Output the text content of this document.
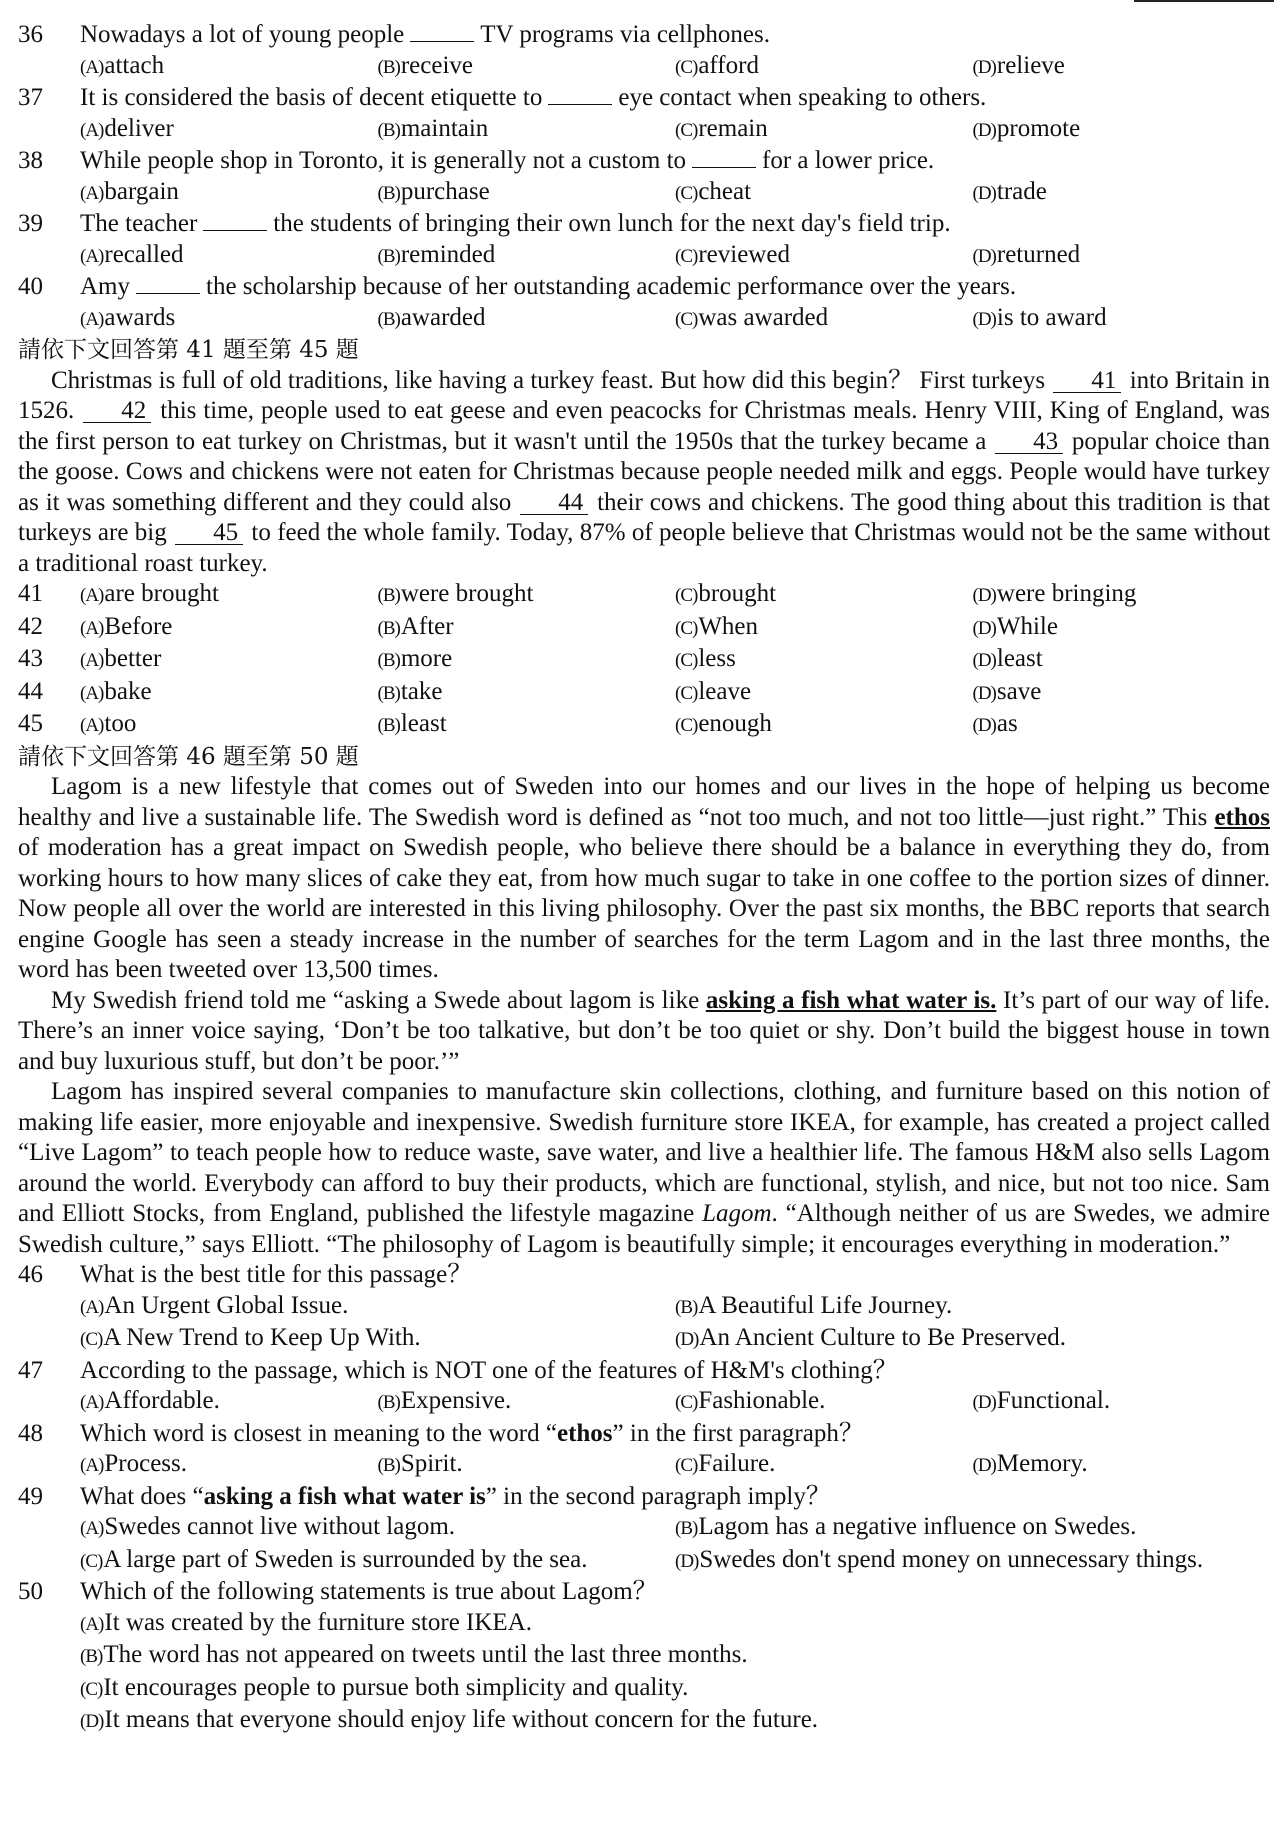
36 Nowadays a lot of young people	TV programs via cellphones.
(A)attach	(B)receive	(C)afford	(D)relieve
37 It is considered the basis of decent etiquette to	eye contact when speaking to others.
(A)deliver	(B)maintain	(C)remain	(D)promote
38 While people shop in Toronto, it is generally not a custom to	for a lower price.
(A)bargain	(B)purchase	(C)cheat	(D)trade
39 The teacher	the students of bringing their own lunch for the next day's field trip.
(A)recalled	(B)reminded	(C)reviewed	(D)returned
40 Amy	the scholarship because of her outstanding academic performance over the years.
(A)awards	(B)awarded	(C)was awarded	(D)is to award
請依下文回答第 41 題至第 45 題
Christmas is full of old traditions, like having a turkey feast. But how did this begin？ First turkeys 41 into Britain in 1526. 42 this time, people used to eat geese and even peacocks for Christmas meals. Henry VIII, King of England, was the first person to eat turkey on Christmas, but it wasn't until the 1950s that the turkey became a 43 popular choice than the goose. Cows and chickens were not eaten for Christmas because people needed milk and eggs. People would have turkey as it was something different and they could also 44 their cows and chickens. The good thing about this tradition is that turkeys are big 45 to feed the whole family. Today, 87% of people believe that Christmas would not be the same without a traditional roast turkey.
41 (A)are brought	(B)were brought	(C)brought	(D)were bringing
42 (A)Before	(B)After	(C)When	(D)While
43 (A)better	(B)more	(C)less	(D)least
44 (A)bake	(B)take	(C)leave	(D)save
45 (A)too	(B)least	(C)enough	(D)as
請依下文回答第 46 題至第 50 題
Lagom is a new lifestyle that comes out of Sweden into our homes and our lives in the hope of helping us become healthy and live a sustainable life. The Swedish word is defined as “not too much, and not too little—just right.” This ethos of moderation has a great impact on Swedish people, who believe there should be a balance in everything they do, from working hours to how many slices of cake they eat, from how much sugar to take in one coffee to the portion sizes of dinner. Now people all over the world are interested in this living philosophy. Over the past six months, the BBC reports that search engine Google has seen a steady increase in the number of searches for the term Lagom and in the last three months, the word has been tweeted over 13,500 times.
My Swedish friend told me “asking a Swede about lagom is like asking a fish what water is. It’s part of our way of life. There’s an inner voice saying, ‘Don’t be too talkative, but don’t be too quiet or shy. Don’t build the biggest house in town and buy luxurious stuff, but don’t be poor.’”
Lagom has inspired several companies to manufacture skin collections, clothing, and furniture based on this notion of making life easier, more enjoyable and inexpensive. Swedish furniture store IKEA, for example, has created a project called “Live Lagom” to teach people how to reduce waste, save water, and live a healthier life. The famous H&M also sells Lagom around the world. Everybody can afford to buy their products, which are functional, stylish, and nice, but not too nice. Sam and Elliott Stocks, from England, published the lifestyle magazine Lagom. “Although neither of us are Swedes, we admire Swedish culture,” says Elliott. “The philosophy of Lagom is beautifully simple; it encourages everything in moderation.”
46 What is the best title for this passage？
(A)An Urgent Global Issue.	(B)A Beautiful Life Journey.
(C)A New Trend to Keep Up With.	(D)An Ancient Culture to Be Preserved.
47 According to the passage, which is NOT one of the features of H&M's clothing？
(A)Affordable.	(B)Expensive.	(C)Fashionable.	(D)Functional.
48 Which word is closest in meaning to the word “ethos” in the first paragraph？
(A)Process.	(B)Spirit.	(C)Failure.	(D)Memory.
49 What does “asking a fish what water is” in the second paragraph imply？
(A)Swedes cannot live without lagom.	(B)Lagom has a negative influence on Swedes.
(C)A large part of Sweden is surrounded by the sea.	(D)Swedes don't spend money on unnecessary things.
50 Which of the following statements is true about Lagom？
(A)It was created by the furniture store IKEA.
(B)The word has not appeared on tweets until the last three months.
(C)It encourages people to pursue both simplicity and quality.
(D)It means that everyone should enjoy life without concern for the future.
